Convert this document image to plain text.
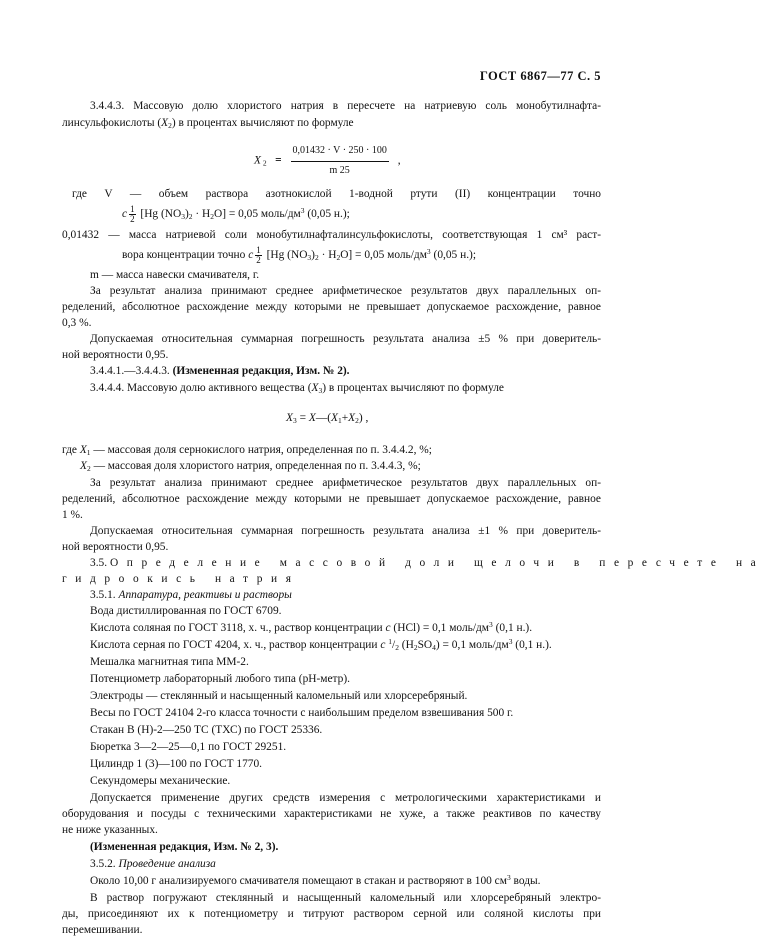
ГОСТ 6867—77 С. 5
3.4.4.3. Массовую долю хлористого натрия в пересчете на натриевую соль монобутилнафта-
линсульфокислоты $(X_2)$ в процентах вычисляют по формуле
X $_2 = \frac{0,01432 \cdot V \cdot 250 \cdot 100}{m 25}$ ,
где V — объем раствора азотнокислой 1-водной ртути (II) концентрации точно
c $\frac{1}{2} [Hg$ $(NO_3)_2 \cdot H_2O] = 0,05$ моль/$дм^3$ (0,05 н.);
0,01432 — масса натриевой соли монобутилнафталинсульфокислоты, соответствующая 1 см³ раст-
вора концентрации точно c $\frac{1}{2} [Hg$ $(NO_3)_2 \cdot H_2O] = 0,05$ моль/$дм^3$ (0,05 н.);
m — масса навески смачивателя, г.
За результат анализа принимают среднее арифметическое результатов двух параллельных оп-
ределений, абсолютное расхождение между которыми не превышает допускаемое расхождение, равное
0,3 %.
Допускаемая относительная суммарная погрешность результата анализа ±5 % при доверитель-
ной вероятности 0,95.
3.4.4.1.—3.4.4.3. (Измененная редакция, Изм. № 2).
3.4.4.4. Массовую долю активного вещества $(X_3)$ в процентах вычисляют по формуле
$X_3$ = $X—(X_1+X_2)$ ,
где $X_1$ — массовая доля сернокислого натрия, определенная по п. 3.4.4.2, %;
$X_2$ — массовая доля хлористого натрия, определенная по п. 3.4.4.3, %;
За результат анализа принимают среднее арифметическое результатов двух параллельных оп-
ределений, абсолютное расхождение между которыми не превышает допускаемое расхождение, равное
1 %.
Допускаемая относительная суммарная погрешность результата анализа ±1 % при доверитель-
ной вероятности 0,95.
3.5. Определение массовой доли щелочи в пересчете на
гидроокись натрия
3.5.1. Аппаратура, реактивы и растворы
Вода дистиллированная по ГОСТ 6709.
Кислота соляная по ГОСТ 3118, х. ч., раствор концентрации c (HCl) = 0,1 моль/$дм^3$ (0,1 н.).
Кислота серная по ГОСТ 4204, х. ч., раствор концентрации c $^1/_2$ $(H_2SO_4) = 0,1$ моль/$дм^3$ (0,1 н.).
Мешалка магнитная типа ММ-2.
Потенциометр лабораторный любого типа (рН-метр).
Электроды — стеклянный и насыщенный каломельный или хлорсеребряный.
Весы по ГОСТ 24104 2-го класса точности с наибольшим пределом взвешивания 500 г.
Стакан В (Н)-2—250 ТС (ТХС) по ГОСТ 25336.
Бюретка 3—2—25—0,1 по ГОСТ 29251.
Цилиндр 1 (3)—100 по ГОСТ 1770.
Секундомеры механические.
Допускается применение других средств измерения с метрологическими характеристиками и
оборудования и посуды с техническими характеристиками не хуже, а также реактивов по качеству
не ниже указанных.
(Измененная редакция, Изм. № 2, 3).
3.5.2. Проведение анализа
Около 10,00 г анализируемого смачивателя помещают в стакан и растворяют в 100 $см^3$ воды.
В раствор погружают стеклянный и насыщенный каломельный или хлорсеребряный электро-
ды, присоединяют их к потенциометру и титруют раствором серной или соляной кислоты при
перемешивании.
